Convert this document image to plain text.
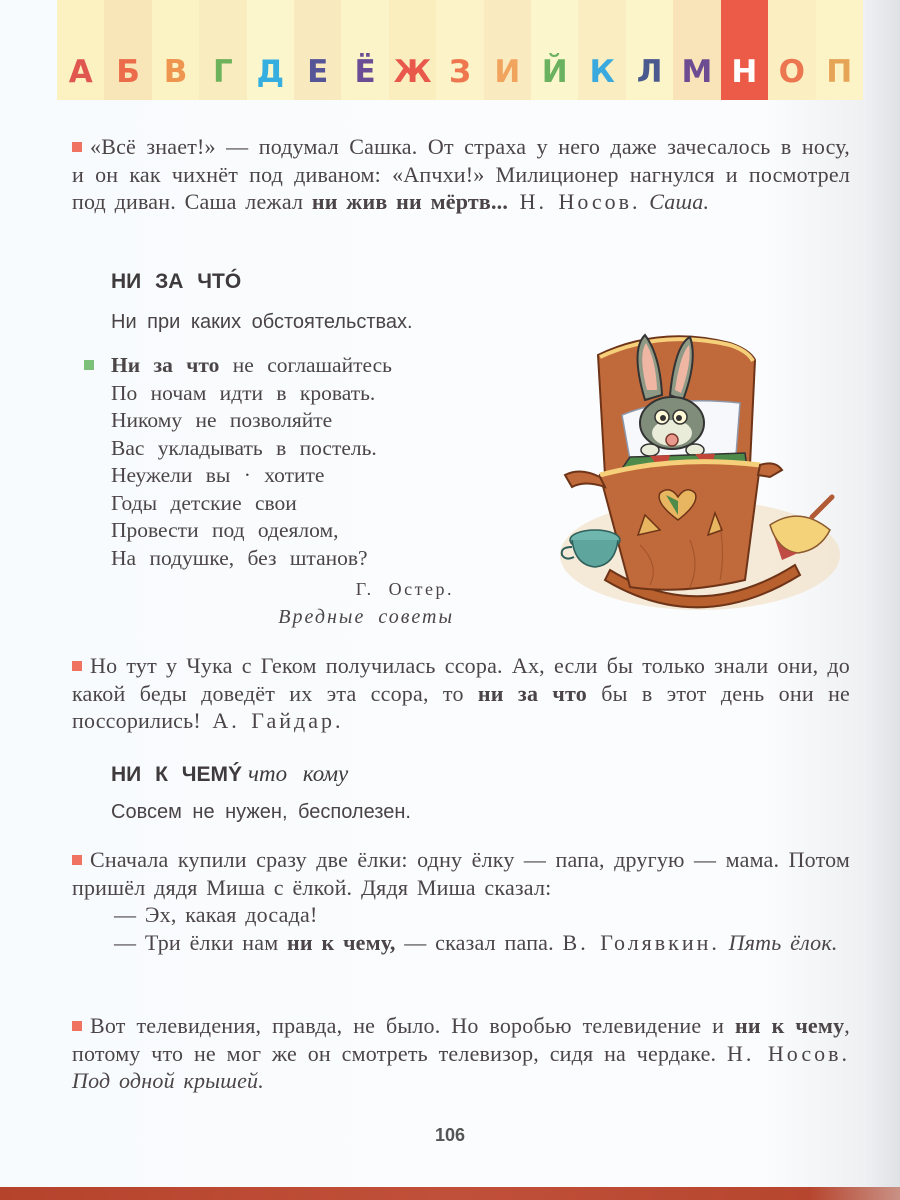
А Б В Г Д Е Ё Ж З И Й К Л М Н О П
«Всё знает!» — подумал Сашка. От страха у него даже зачесалось в носу, и он как чихнёт под диваном: «Апчхи!» Милиционер нагнулся и посмотрел под диван. Саша лежал ни жив ни мёртв... Н. Носов. Саша.
НИ ЗА ЧТÓ
Ни при каких обстоятельствах.
Ни за что не соглашайтесь
По ночам идти в кровать.
Никому не позволяйте
Вас укладывать в постель.
Неужели вы · хотите
Годы детские свои
Провести под одеялом,
На подушке, без штанов?
Г. Остер.
Вредные советы
Но тут у Чука с Геком получилась ссора. Ах, если бы только знали они, до какой беды доведёт их эта ссора, то ни за что бы в этот день они не поссорились! А. Гайдар.
НИ К ЧЕМÝ что кому
Совсем не нужен, бесполезен.
Сначала купили сразу две ёлки: одну ёлку — папа, другую — мама. Потом пришёл дядя Миша с ёлкой. Дядя Миша сказал:
— Эх, какая досада!
— Три ёлки нам ни к чему, — сказал папа. В. Голявкин. Пять ёлок.
Вот телевидения, правда, не было. Но воробью телевидение и ни к чему, потому что не мог же он смотреть телевизор, сидя на чердаке. Н. Носов. Под одной крышей.
106
